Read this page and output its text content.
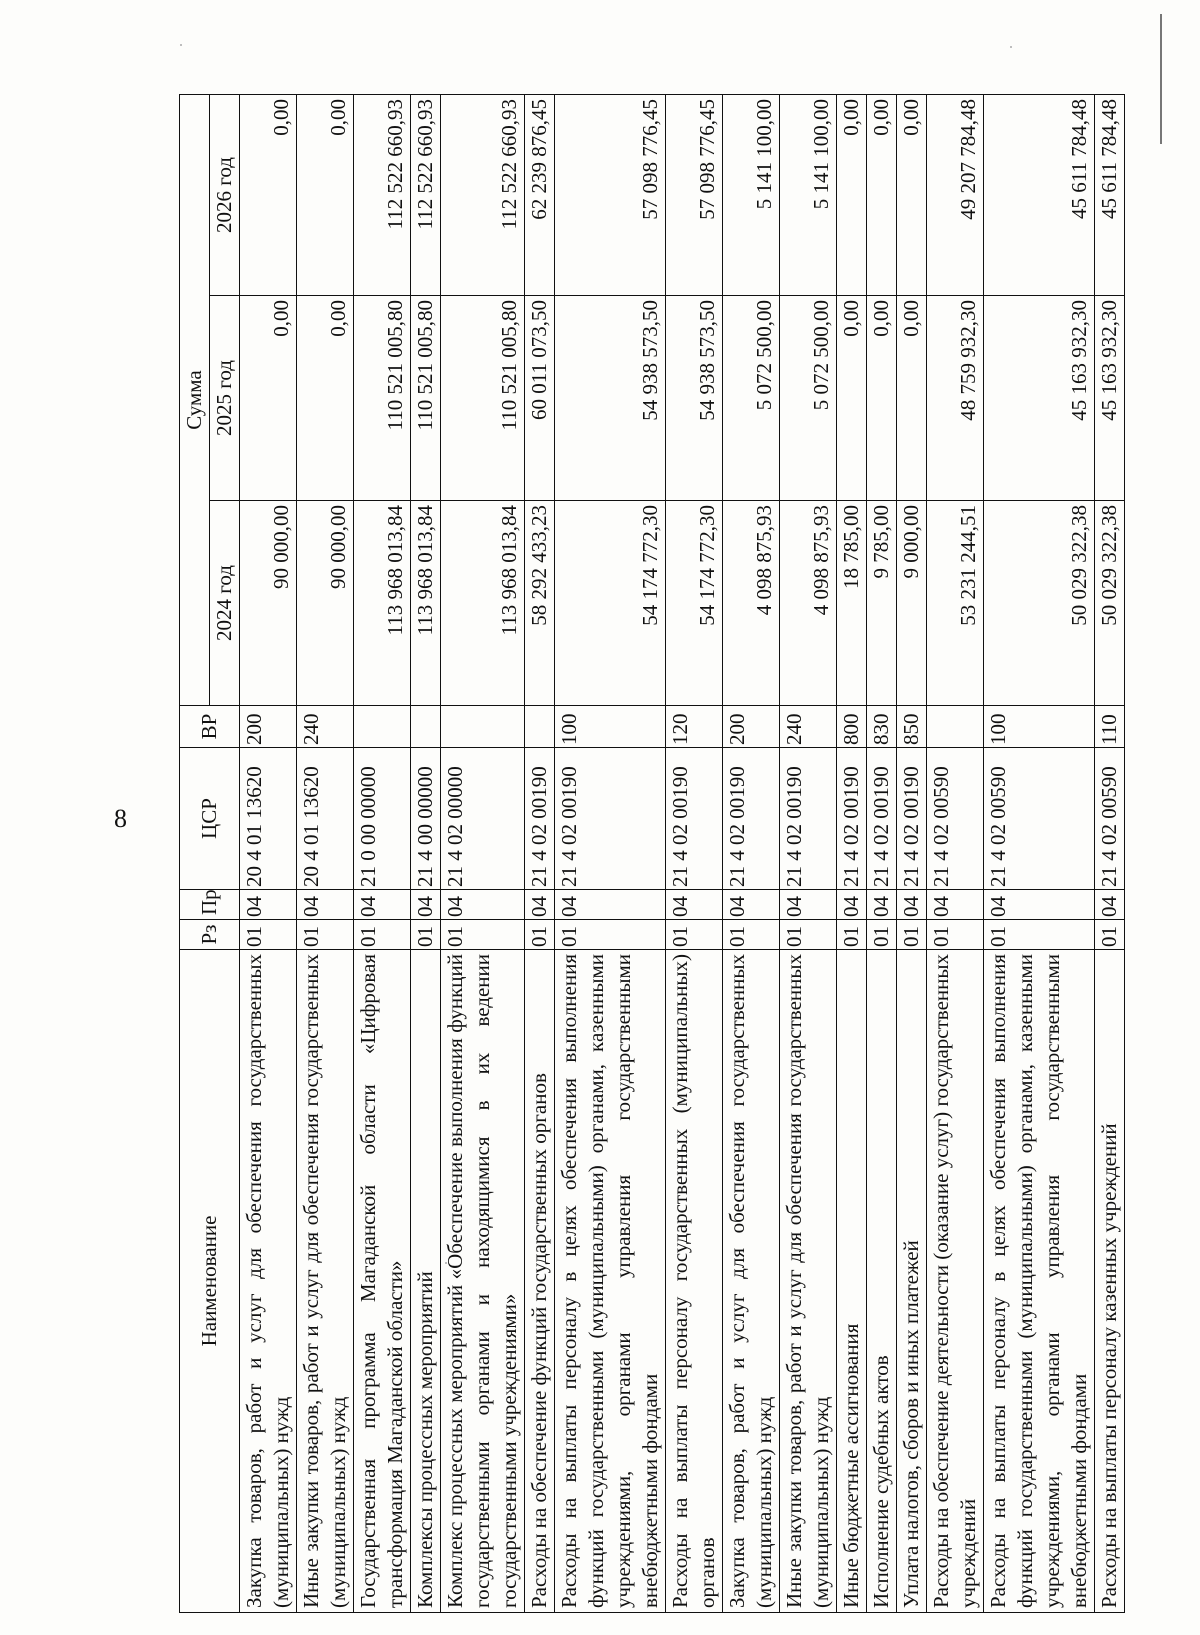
8
Наименование	Рз	Пр	ЦСР	ВР	Сумма		
					2024 год	2025 год	2026 год
Закупка товаров, работ и услуг для обеспечения государственных (муниципальных) нужд	01	04	20 4 01 13620	200	90 000,00	0,00	0,00
Иные закупки товаров, работ и услуг для обеспечения государственных (муниципальных) нужд	01	04	20 4 01 13620	240	90 000,00	0,00	0,00
Государственная программа Магаданской области «Цифровая трансформация Магаданской области»	01	04	21 0 00 00000		113 968 013,84	110 521 005,80	112 522 660,93
Комплексы процессных мероприятий	01	04	21 4 00 00000		113 968 013,84	110 521 005,80	112 522 660,93
Комплекс процессных мероприятий «Обеспечение выполнения функций государственными органами и находящимися в их ведении государственными учреждениями»	01	04	21 4 02 00000		113 968 013,84	110 521 005,80	112 522 660,93
Расходы на обеспечение функций государственных органов	01	04	21 4 02 00190		58 292 433,23	60 011 073,50	62 239 876,45
Расходы на выплаты персоналу в целях обеспечения выполнения функций государственными (муниципальными) органами, казенными учреждениями, органами управления государственными внебюджетными фондами	01	04	21 4 02 00190	100	54 174 772,30	54 938 573,50	57 098 776,45
Расходы на выплаты персоналу государственных (муниципальных) органов	01	04	21 4 02 00190	120	54 174 772,30	54 938 573,50	57 098 776,45
Закупка товаров, работ и услуг для обеспечения государственных (муниципальных) нужд	01	04	21 4 02 00190	200	4 098 875,93	5 072 500,00	5 141 100,00
Иные закупки товаров, работ и услуг для обеспечения государственных (муниципальных) нужд	01	04	21 4 02 00190	240	4 098 875,93	5 072 500,00	5 141 100,00
Иные бюджетные ассигнования	01	04	21 4 02 00190	800	18 785,00	0,00	0,00
Исполнение судебных актов	01	04	21 4 02 00190	830	9 785,00	0,00	0,00
Уплата налогов, сборов и иных платежей	01	04	21 4 02 00190	850	9 000,00	0,00	0,00
Расходы на обеспечение деятельности (оказание услуг) государственных учреждений	01	04	21 4 02 00590		53 231 244,51	48 759 932,30	49 207 784,48
Расходы на выплаты персоналу в целях обеспечения выполнения функций государственными (муниципальными) органами, казенными учреждениями, органами управления государственными внебюджетными фондами	01	04	21 4 02 00590	100	50 029 322,38	45 163 932,30	45 611 784,48
Расходы на выплаты персоналу казенных учреждений	01	04	21 4 02 00590	110	50 029 322,38	45 163 932,30	45 611 784,48
